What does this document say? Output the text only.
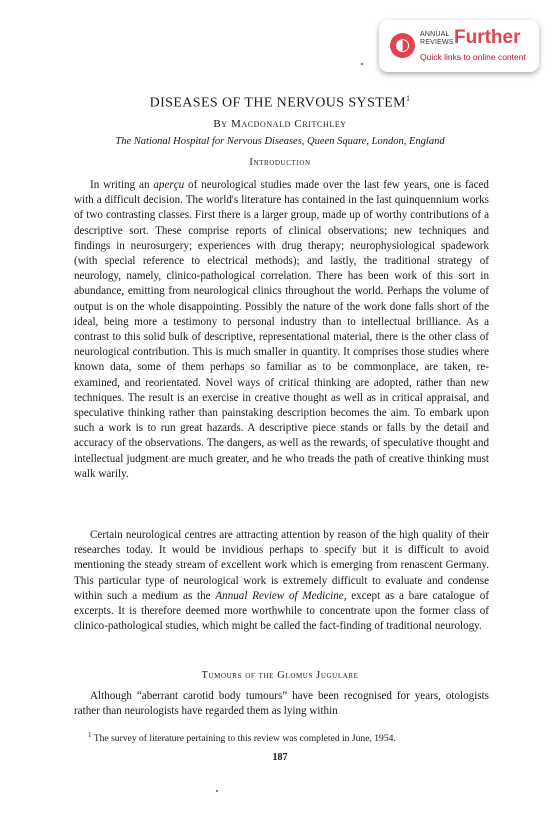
◐
ANNUAL
REVIEWS Further
Quick links to online content
DISEASES OF THE NERVOUS SYSTEM$^1$
By Macdonald Critchley
The National Hospital for Nervous Diseases, Queen Square, London, England
Introduction

In writing an aperçu of neurological studies made over the last few years, one is faced with a difficult decision. The world's literature has contained in the last quinquennium works of two contrasting classes. First there is a larger group, made up of worthy contributions of a descriptive sort. These comprise reports of clinical observations; new techniques and findings in neurosurgery; experiences with drug therapy; neurophysiological spadework (with special reference to electrical methods); and lastly, the traditional strategy of neurology, namely, clinico-pathological correlation. There has been work of this sort in abundance, emitting from neurological clinics throughout the world. Perhaps the volume of output is on the whole disappointing. Possibly the nature of the work done falls short of the ideal, being more a testimony to personal industry than to intellectual brilliance. As a contrast to this solid bulk of descriptive, representational material, there is the other class of neurological contribution. This is much smaller in quantity. It comprises those studies where known data, some of them perhaps so familiar as to be commonplace, are taken, re-examined, and reorientated. Novel ways of critical thinking are adopted, rather than new techniques. The result is an exercise in creative thought as well as in critical appraisal, and speculative thinking rather than painstaking description becomes the aim. To embark upon such a work is to run great hazards. A descriptive piece stands or falls by the detail and accuracy of the observations. The dangers, as well as the rewards, of speculative thought and intellectual judgment are much greater, and he who treads the path of creative thinking must walk warily.

Certain neurological centres are attracting attention by reason of the high quality of their researches today. It would be invidious perhaps to specify but it is difficult to avoid mentioning the steady stream of excellent work which is emerging from renascent Germany. This particular type of neurological work is extremely difficult to evaluate and condense within such a medium as the Annual Review of Medicine, except as a bare catalogue of excerpts. It is therefore deemed more worthwhile to concentrate upon the former class of clinico-pathological studies, which might be called the fact-finding of traditional neurology.

Tumours of the Glomus Jugulare

Although “aberrant carotid body tumours” have been recognised for years, otologists rather than neurologists have regarded them as lying within

$^1$ The survey of literature pertaining to this review was completed in June, 1954.
187
